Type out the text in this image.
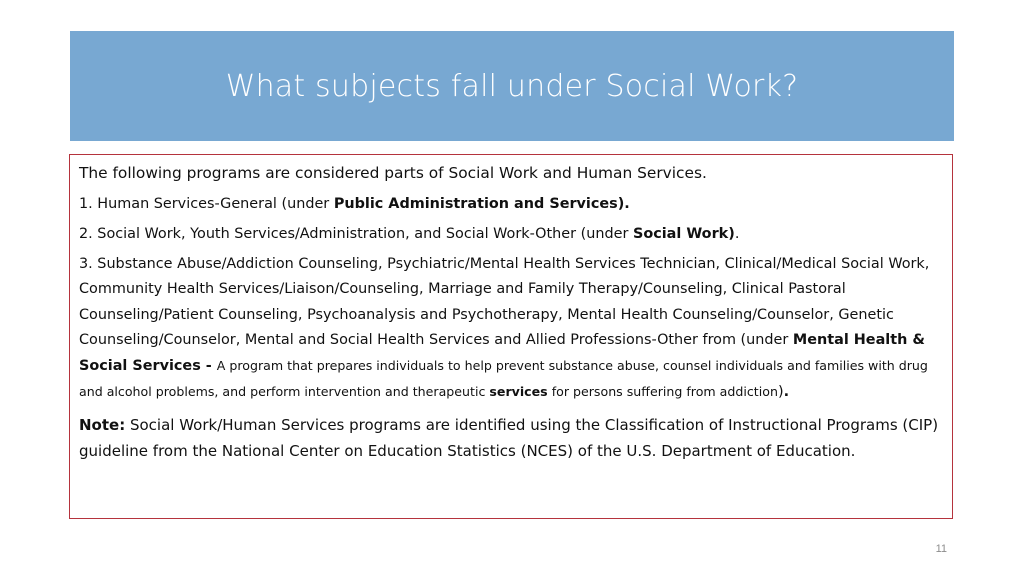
What subjects fall under Social Work?

The following programs are considered parts of Social Work and Human Services.

1. Human Services-General (under Public Administration and Services).

2. Social Work, Youth Services/Administration, and Social Work-Other (under Social Work).

3. Substance Abuse/Addiction Counseling, Psychiatric/Mental Health Services Technician, Clinical/Medical Social Work, Community Health Services/Liaison/Counseling, Marriage and Family Therapy/Counseling, Clinical Pastoral Counseling/Patient Counseling, Psychoanalysis and Psychotherapy, Mental Health Counseling/Counselor, Genetic Counseling/Counselor, Mental and Social Health Services and Allied Professions-Other from (under Mental Health & Social Services - A program that prepares individuals to help prevent substance abuse, counsel individuals and families with drug and alcohol problems, and perform intervention and therapeutic services for persons suffering from addiction).

Note: Social Work/Human Services programs are identified using the Classification of Instructional Programs (CIP) guideline from the National Center on Education Statistics (NCES) of the U.S. Department of Education.

11
